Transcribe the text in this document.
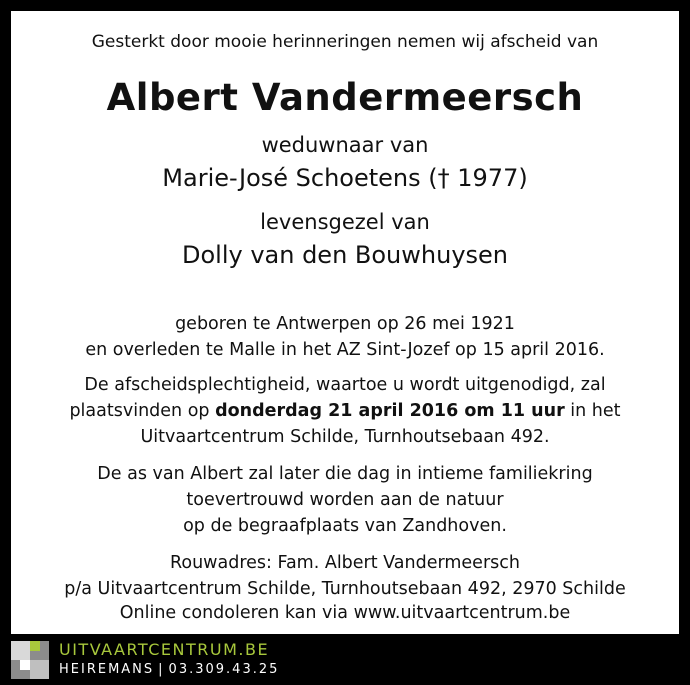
Gesterkt door mooie herinneringen nemen wij afscheid van
Albert Vandermeersch
weduwnaar van
Marie-José Schoetens († 1977)
levensgezel van
Dolly van den Bouwhuysen
geboren te Antwerpen op 26 mei 1921
en overleden te Malle in het AZ Sint-Jozef op 15 april 2016.
De afscheidsplechtigheid, waartoe u wordt uitgenodigd, zal
plaatsvinden op donderdag 21 april 2016 om 11 uur in het
Uitvaartcentrum Schilde, Turnhoutsebaan 492.
De as van Albert zal later die dag in intieme familiekring
toevertrouwd worden aan de natuur
op de begraafplaats van Zandhoven.
Rouwadres: Fam. Albert Vandermeersch
p/a Uitvaartcentrum Schilde, Turnhoutsebaan 492, 2970 Schilde
Online condoleren kan via www.uitvaartcentrum.be
UITVAARTCENTRUM.BE
HEIREMANS | 03.309.43.25
